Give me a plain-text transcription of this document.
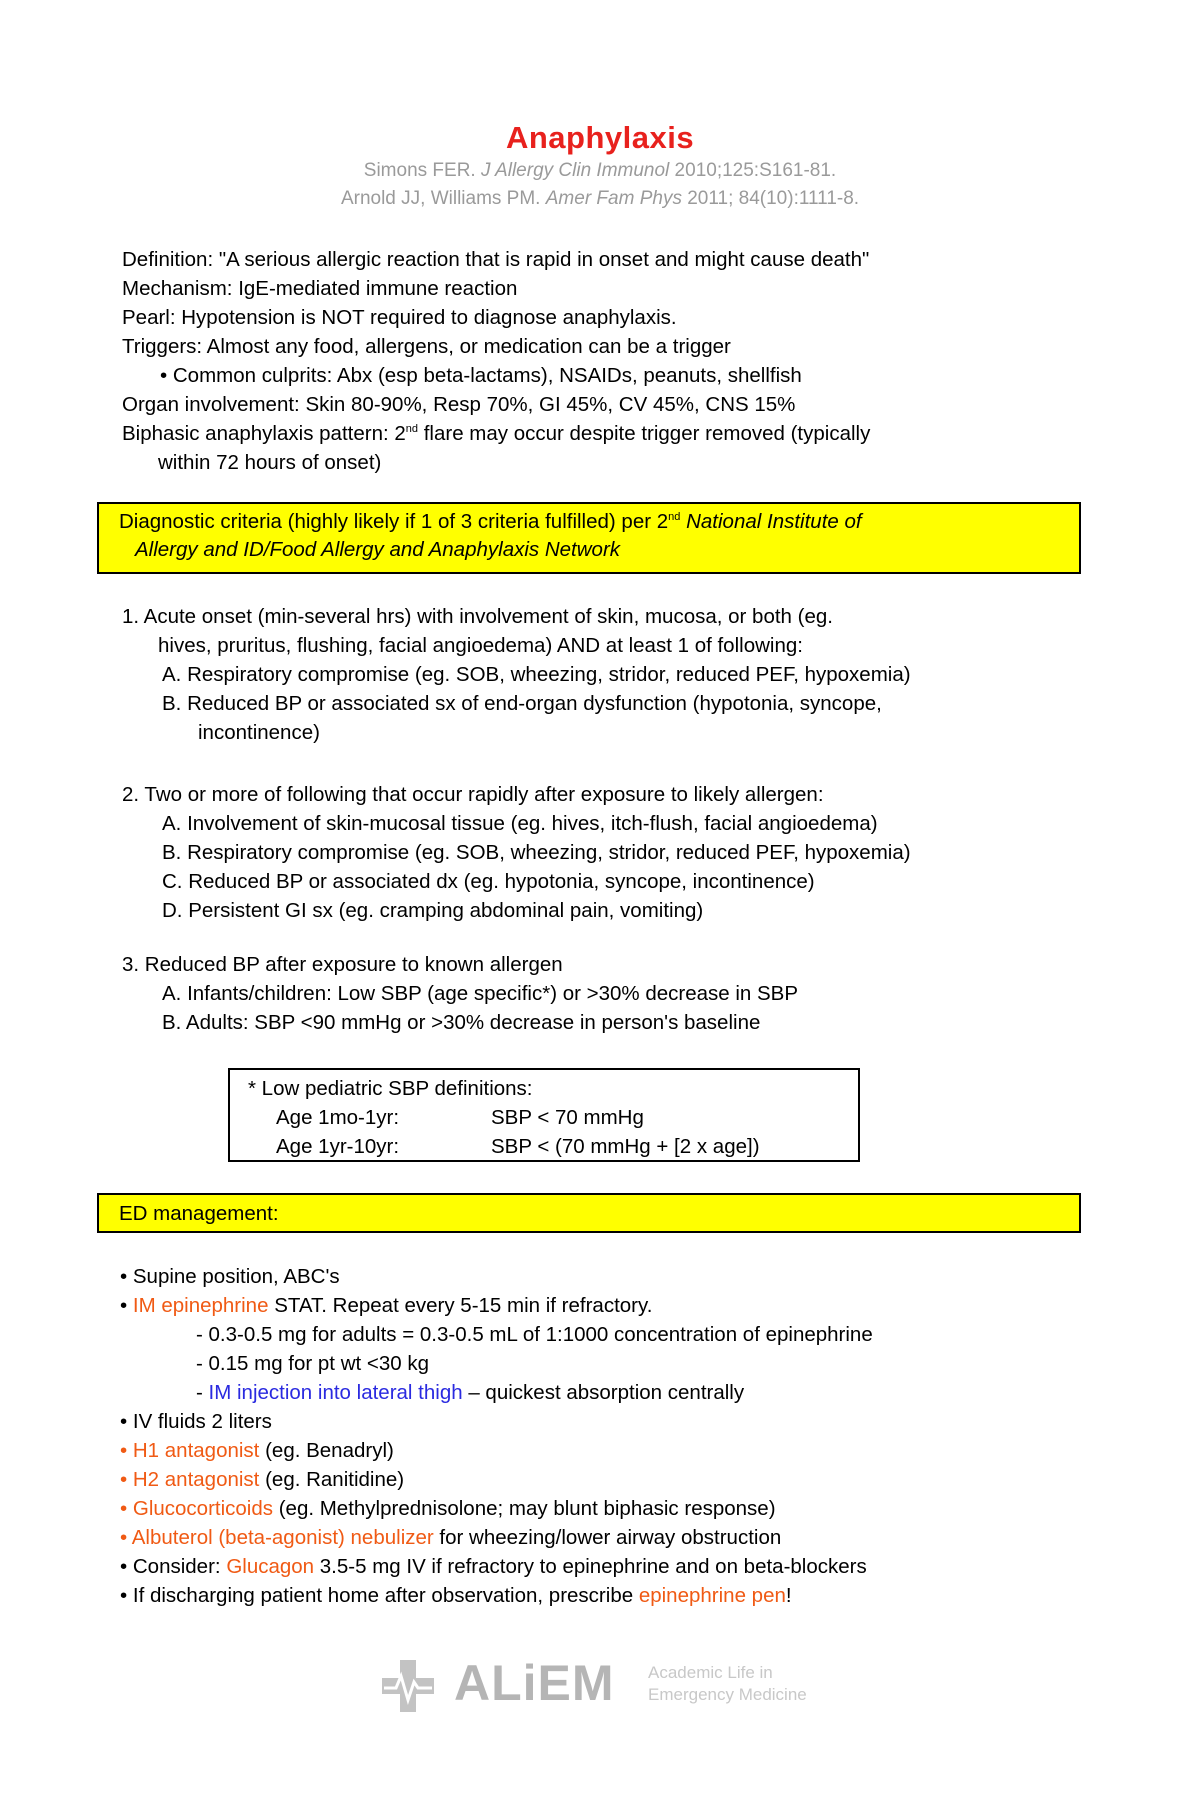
Anaphylaxis
Simons FER. J Allergy Clin Immunol 2010;125:S161-81.
Arnold JJ, Williams PM. Amer Fam Phys 2011; 84(10):1111-8.
Definition: "A serious allergic reaction that is rapid in onset and might cause death"
Mechanism: IgE-mediated immune reaction
Pearl: Hypotension is NOT required to diagnose anaphylaxis.
Triggers: Almost any food, allergens, or medication can be a trigger
• Common culprits: Abx (esp beta-lactams), NSAIDs, peanuts, shellfish
Organ involvement: Skin 80-90%, Resp 70%, GI 45%, CV 45%, CNS 15%
Biphasic anaphylaxis pattern: 2nd flare may occur despite trigger removed (typically
within 72 hours of onset)
Diagnostic criteria (highly likely if 1 of 3 criteria fulfilled) per 2nd National Institute of
Allergy and ID/Food Allergy and Anaphylaxis Network
1. Acute onset (min-several hrs) with involvement of skin, mucosa, or both (eg.
hives, pruritus, flushing, facial angioedema) AND at least 1 of following:
A. Respiratory compromise (eg. SOB, wheezing, stridor, reduced PEF, hypoxemia)
B. Reduced BP or associated sx of end-organ dysfunction (hypotonia, syncope,
incontinence)
2. Two or more of following that occur rapidly after exposure to likely allergen:
A. Involvement of skin-mucosal tissue (eg. hives, itch-flush, facial angioedema)
B. Respiratory compromise (eg. SOB, wheezing, stridor, reduced PEF, hypoxemia)
C. Reduced BP or associated dx (eg. hypotonia, syncope, incontinence)
D. Persistent GI sx (eg. cramping abdominal pain, vomiting)
3. Reduced BP after exposure to known allergen
A. Infants/children: Low SBP (age specific*) or >30% decrease in SBP
B. Adults: SBP <90 mmHg or >30% decrease in person's baseline
* Low pediatric SBP definitions:
Age 1mo-1yr:	SBP < 70 mmHg
Age 1yr-10yr:	SBP < (70 mmHg + [2 x age])
ED management:
• Supine position, ABC's
• IM epinephrine STAT. Repeat every 5-15 min if refractory.
- 0.3-0.5 mg for adults = 0.3-0.5 mL of 1:1000 concentration of epinephrine
- 0.15 mg for pt wt <30 kg
- IM injection into lateral thigh – quickest absorption centrally
• IV fluids 2 liters
• H1 antagonist (eg. Benadryl)
• H2 antagonist (eg. Ranitidine)
• Glucocorticoids (eg. Methylprednisolone; may blunt biphasic response)
• Albuterol (beta-agonist) nebulizer for wheezing/lower airway obstruction
• Consider: Glucagon 3.5-5 mg IV if refractory to epinephrine and on beta-blockers
• If discharging patient home after observation, prescribe epinephrine pen!
ALiEM Academic Life in
Emergency Medicine
